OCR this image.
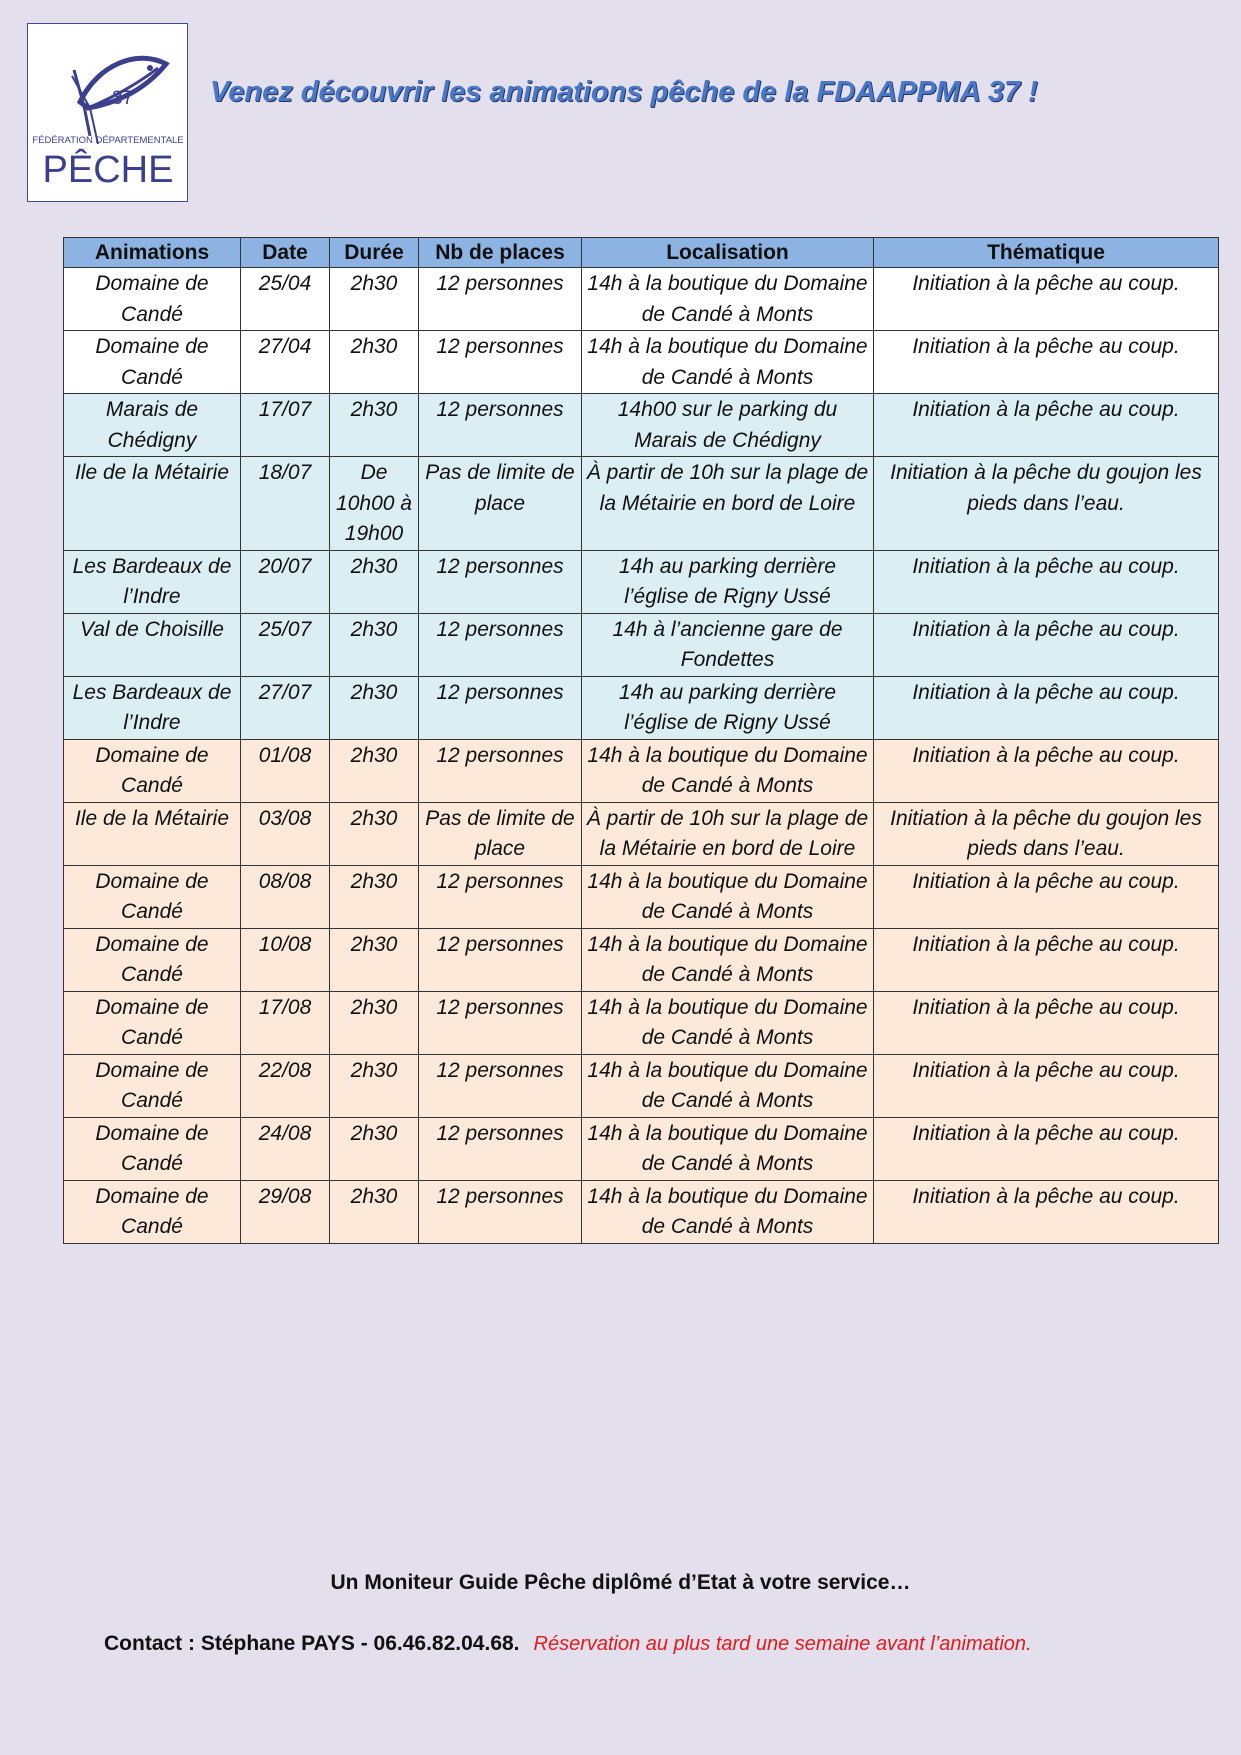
37
FÉDÉRATION DÉPARTEMENTALE
PÊCHE
Venez découvrir les animations pêche de la FDAAPPMA 37 !
Animations	Date	Durée	Nb de places	Localisation	Thématique
Domaine de Candé	25/04	2h30	12 personnes	14h à la boutique du Domaine de Candé à Monts	Initiation à la pêche au coup.
Domaine de Candé	27/04	2h30	12 personnes	14h à la boutique du Domaine de Candé à Monts	Initiation à la pêche au coup.
Marais de Chédigny	17/07	2h30	12 personnes	14h00 sur le parking du Marais de Chédigny	Initiation à la pêche au coup.
Ile de la Métairie	18/07	De 10h00 à 19h00	Pas de limite de place	À partir de 10h sur la plage de la Métairie en bord de Loire	Initiation à la pêche du goujon les pieds dans l’eau.
Les Bardeaux de l’Indre	20/07	2h30	12 personnes	14h au parking derrière l’église de Rigny Ussé	Initiation à la pêche au coup.
Val de Choisille	25/07	2h30	12 personnes	14h à l’ancienne gare de Fondettes	Initiation à la pêche au coup.
Les Bardeaux de l’Indre	27/07	2h30	12 personnes	14h au parking derrière l’église de Rigny Ussé	Initiation à la pêche au coup.
Domaine de Candé	01/08	2h30	12 personnes	14h à la boutique du Domaine de Candé à Monts	Initiation à la pêche au coup.
Ile de la Métairie	03/08	2h30	Pas de limite de place	À partir de 10h sur la plage de la Métairie en bord de Loire	Initiation à la pêche du goujon les pieds dans l’eau.
Domaine de Candé	08/08	2h30	12 personnes	14h à la boutique du Domaine de Candé à Monts	Initiation à la pêche au coup.
Domaine de Candé	10/08	2h30	12 personnes	14h à la boutique du Domaine de Candé à Monts	Initiation à la pêche au coup.
Domaine de Candé	17/08	2h30	12 personnes	14h à la boutique du Domaine de Candé à Monts	Initiation à la pêche au coup.
Domaine de Candé	22/08	2h30	12 personnes	14h à la boutique du Domaine de Candé à Monts	Initiation à la pêche au coup.
Domaine de Candé	24/08	2h30	12 personnes	14h à la boutique du Domaine de Candé à Monts	Initiation à la pêche au coup.
Domaine de Candé	29/08	2h30	12 personnes	14h à la boutique du Domaine de Candé à Monts	Initiation à la pêche au coup.
Un Moniteur Guide Pêche diplômé d’Etat à votre service…
Contact : Stéphane PAYS - 06.46.82.04.68. Réservation au plus tard une semaine avant l’animation.
